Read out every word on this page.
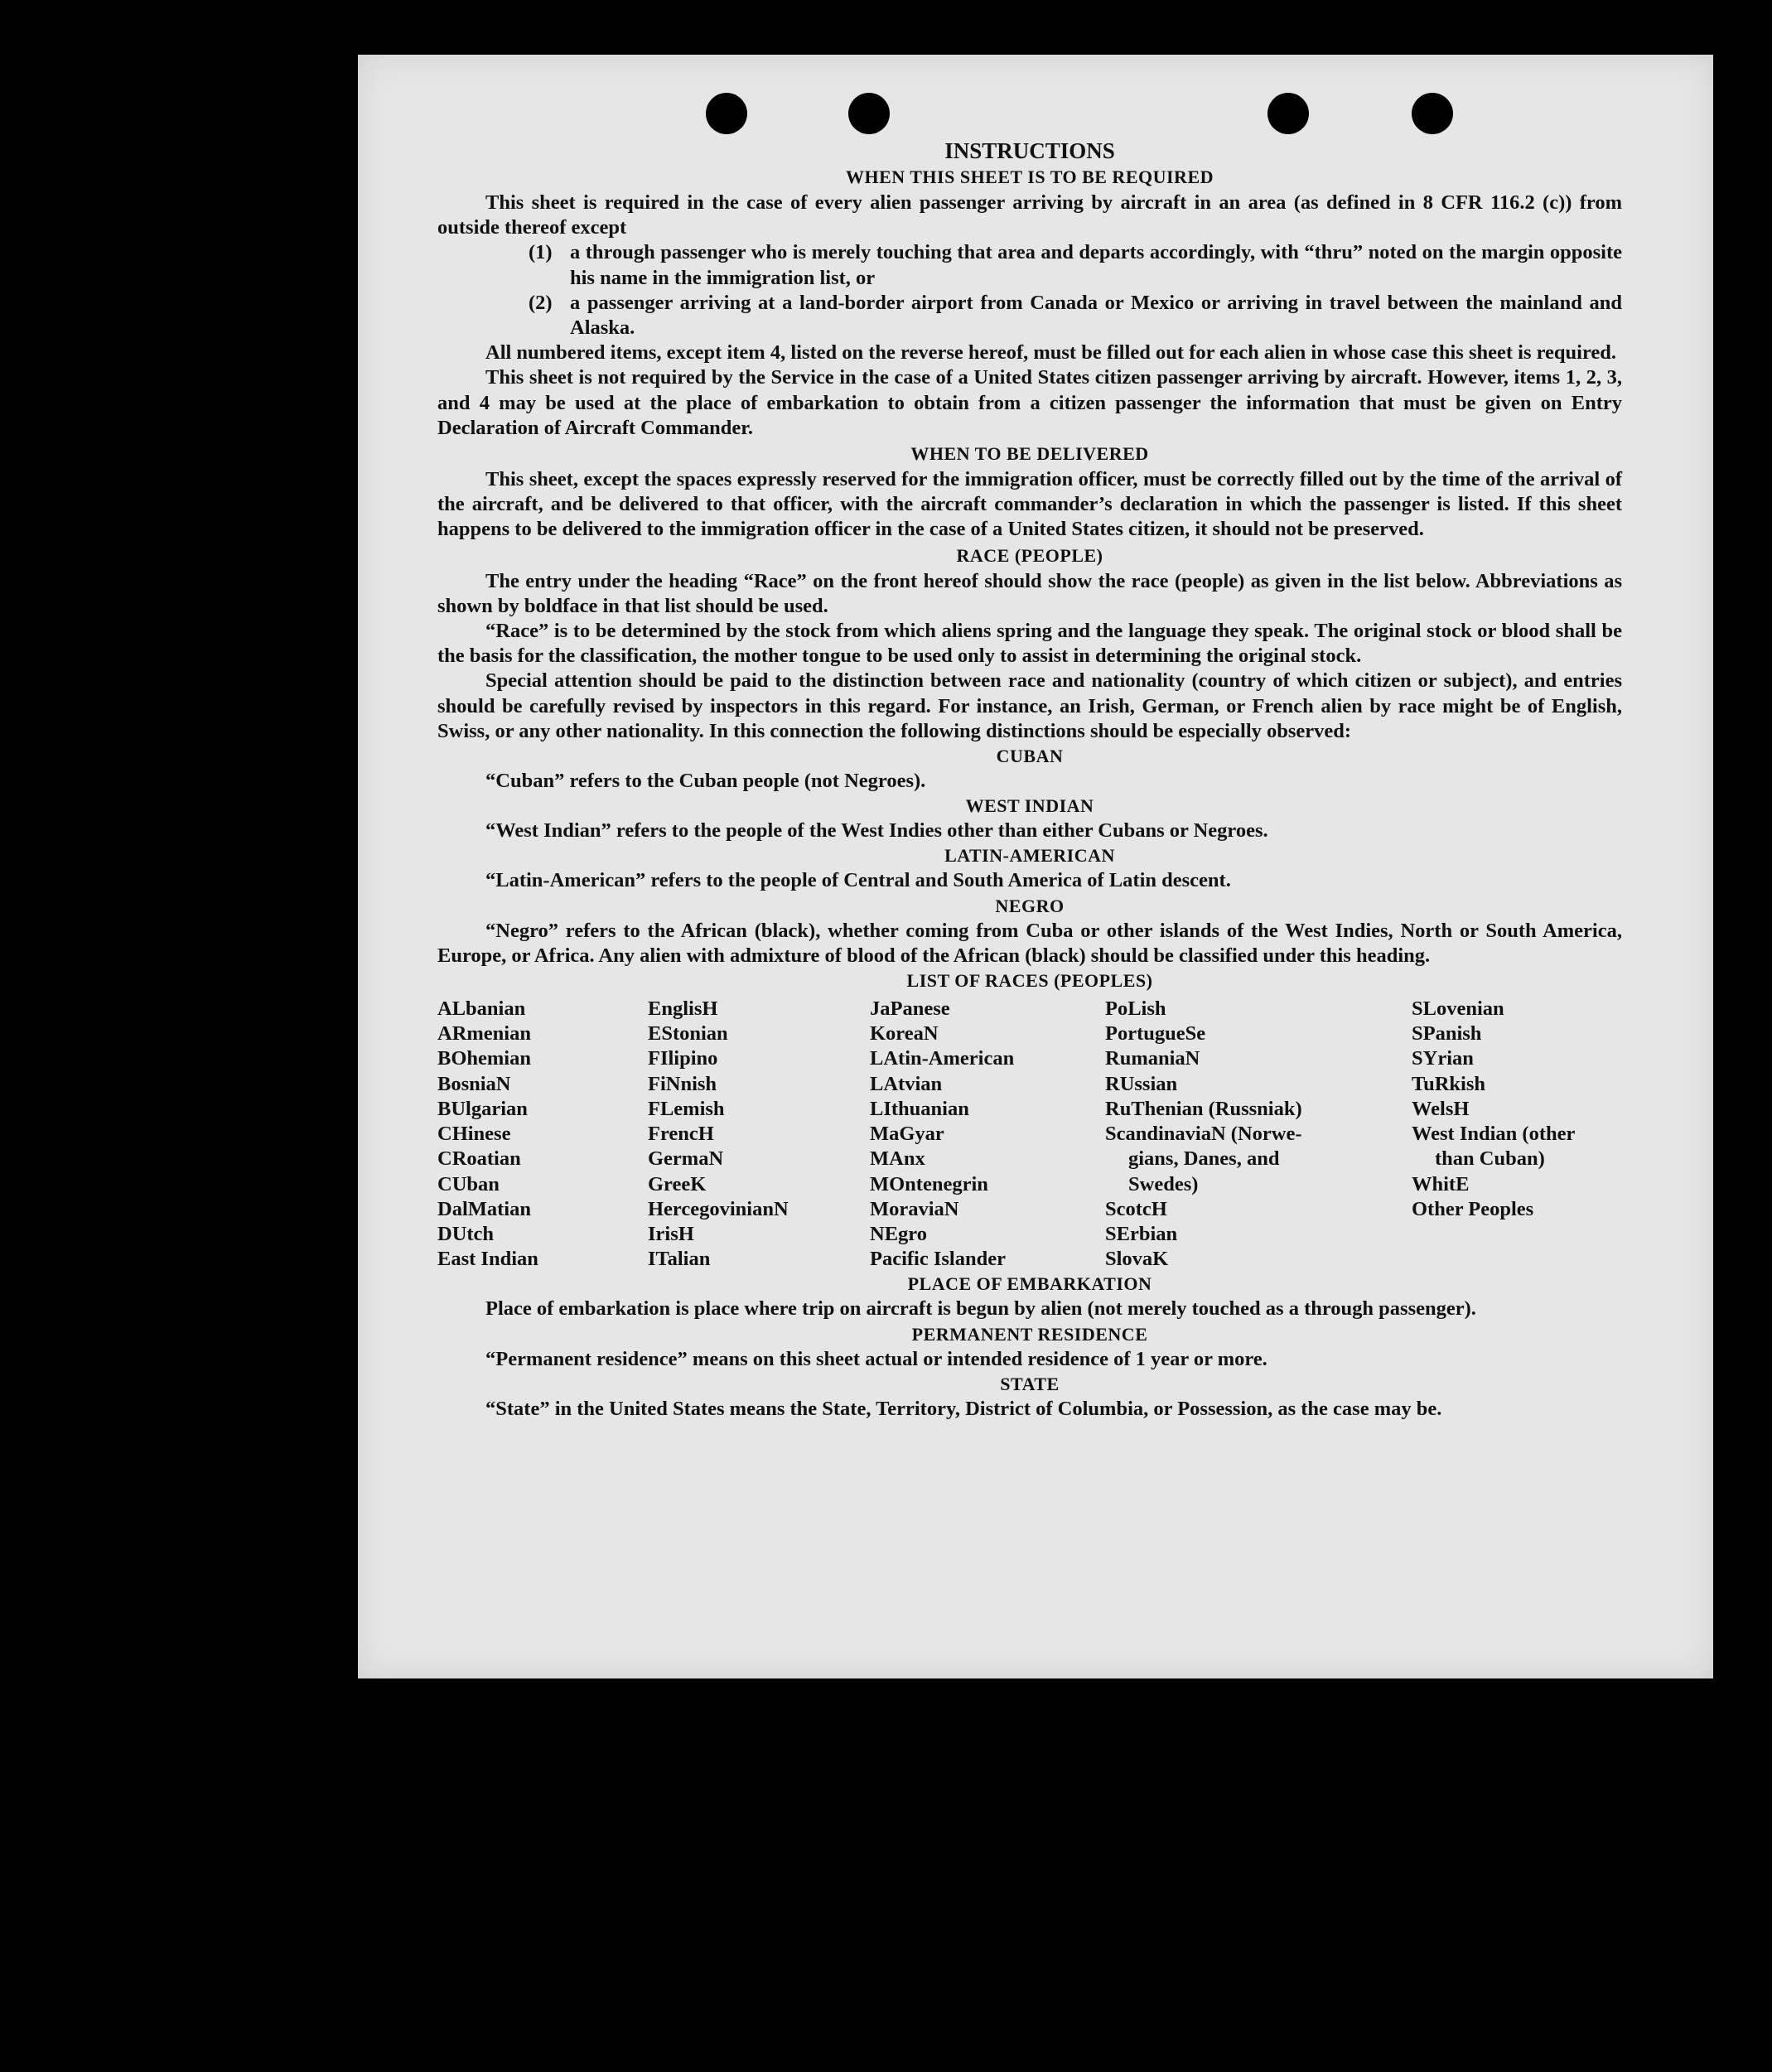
INSTRUCTIONS
WHEN THIS SHEET IS TO BE REQUIRED

This sheet is required in the case of every alien passenger arriving by aircraft in an area (as defined in 8 CFR 116.2 (c)) from outside thereof except

(1) a through passenger who is merely touching that area and departs accordingly, with “thru” noted on the margin opposite his name in the immigration list, or
(2) a passenger arriving at a land-border airport from Canada or Mexico or arriving in travel between the mainland and Alaska.

All numbered items, except item 4, listed on the reverse hereof, must be filled out for each alien in whose case this sheet is required.

This sheet is not required by the Service in the case of a United States citizen passenger arriving by aircraft. However, items 1, 2, 3, and 4 may be used at the place of embarkation to obtain from a citizen passenger the information that must be given on Entry Declaration of Aircraft Commander.

WHEN TO BE DELIVERED

This sheet, except the spaces expressly reserved for the immigration officer, must be correctly filled out by the time of the arrival of the aircraft, and be delivered to that officer, with the aircraft commander’s declaration in which the passenger is listed. If this sheet happens to be delivered to the immigration officer in the case of a United States citizen, it should not be preserved.

RACE (PEOPLE)

The entry under the heading “Race” on the front hereof should show the race (people) as given in the list below. Abbreviations as shown by boldface in that list should be used.

“Race” is to be determined by the stock from which aliens spring and the language they speak. The original stock or blood shall be the basis for the classification, the mother tongue to be used only to assist in determining the original stock.

Special attention should be paid to the distinction between race and nationality (country of which citizen or subject), and entries should be carefully revised by inspectors in this regard. For instance, an Irish, German, or French alien by race might be of English, Swiss, or any other nationality. In this connection the following distinctions should be especially observed:

CUBAN

“Cuban” refers to the Cuban people (not Negroes).

WEST INDIAN

“West Indian” refers to the people of the West Indies other than either Cubans or Negroes.

LATIN-AMERICAN

“Latin-American” refers to the people of Central and South America of Latin descent.

NEGRO

“Negro” refers to the African (black), whether coming from Cuba or other islands of the West Indies, North or South America, Europe, or Africa. Any alien with admixture of blood of the African (black) should be classified under this heading.

LIST OF RACES (PEOPLES)
ALbanian
ARmenian
BOhemian
BosniaN
BUlgarian
CHinese
CRoatian
CUban
DalMatian
DUtch
East Indian
EnglisH
EStonian
FIlipino
FiNnish
FLemish
FrencH
GermaN
GreeK
HercegovinianN
IrisH
ITalian
JaPanese
KoreaN
LAtin-American
LAtvian
LIthuanian
MaGyar
MAnx
MOntenegrin
MoraviaN
NEgro
Pacific Islander
PoLish
PortugueSe
RumaniaN
RUssian
RuThenian (Russniak)
ScandinaviaN (Norwe-
gians, Danes, and
Swedes)
ScotcH
SErbian
SlovaK
SLovenian
SPanish
SYrian
TuRkish
WelsH
West Indian (other
than Cuban)
WhitE
Other Peoples
PLACE OF EMBARKATION

Place of embarkation is place where trip on aircraft is begun by alien (not merely touched as a through passenger).

PERMANENT RESIDENCE

“Permanent residence” means on this sheet actual or intended residence of 1 year or more.

STATE

“State” in the United States means the State, Territory, District of Columbia, or Possession, as the case may be.
